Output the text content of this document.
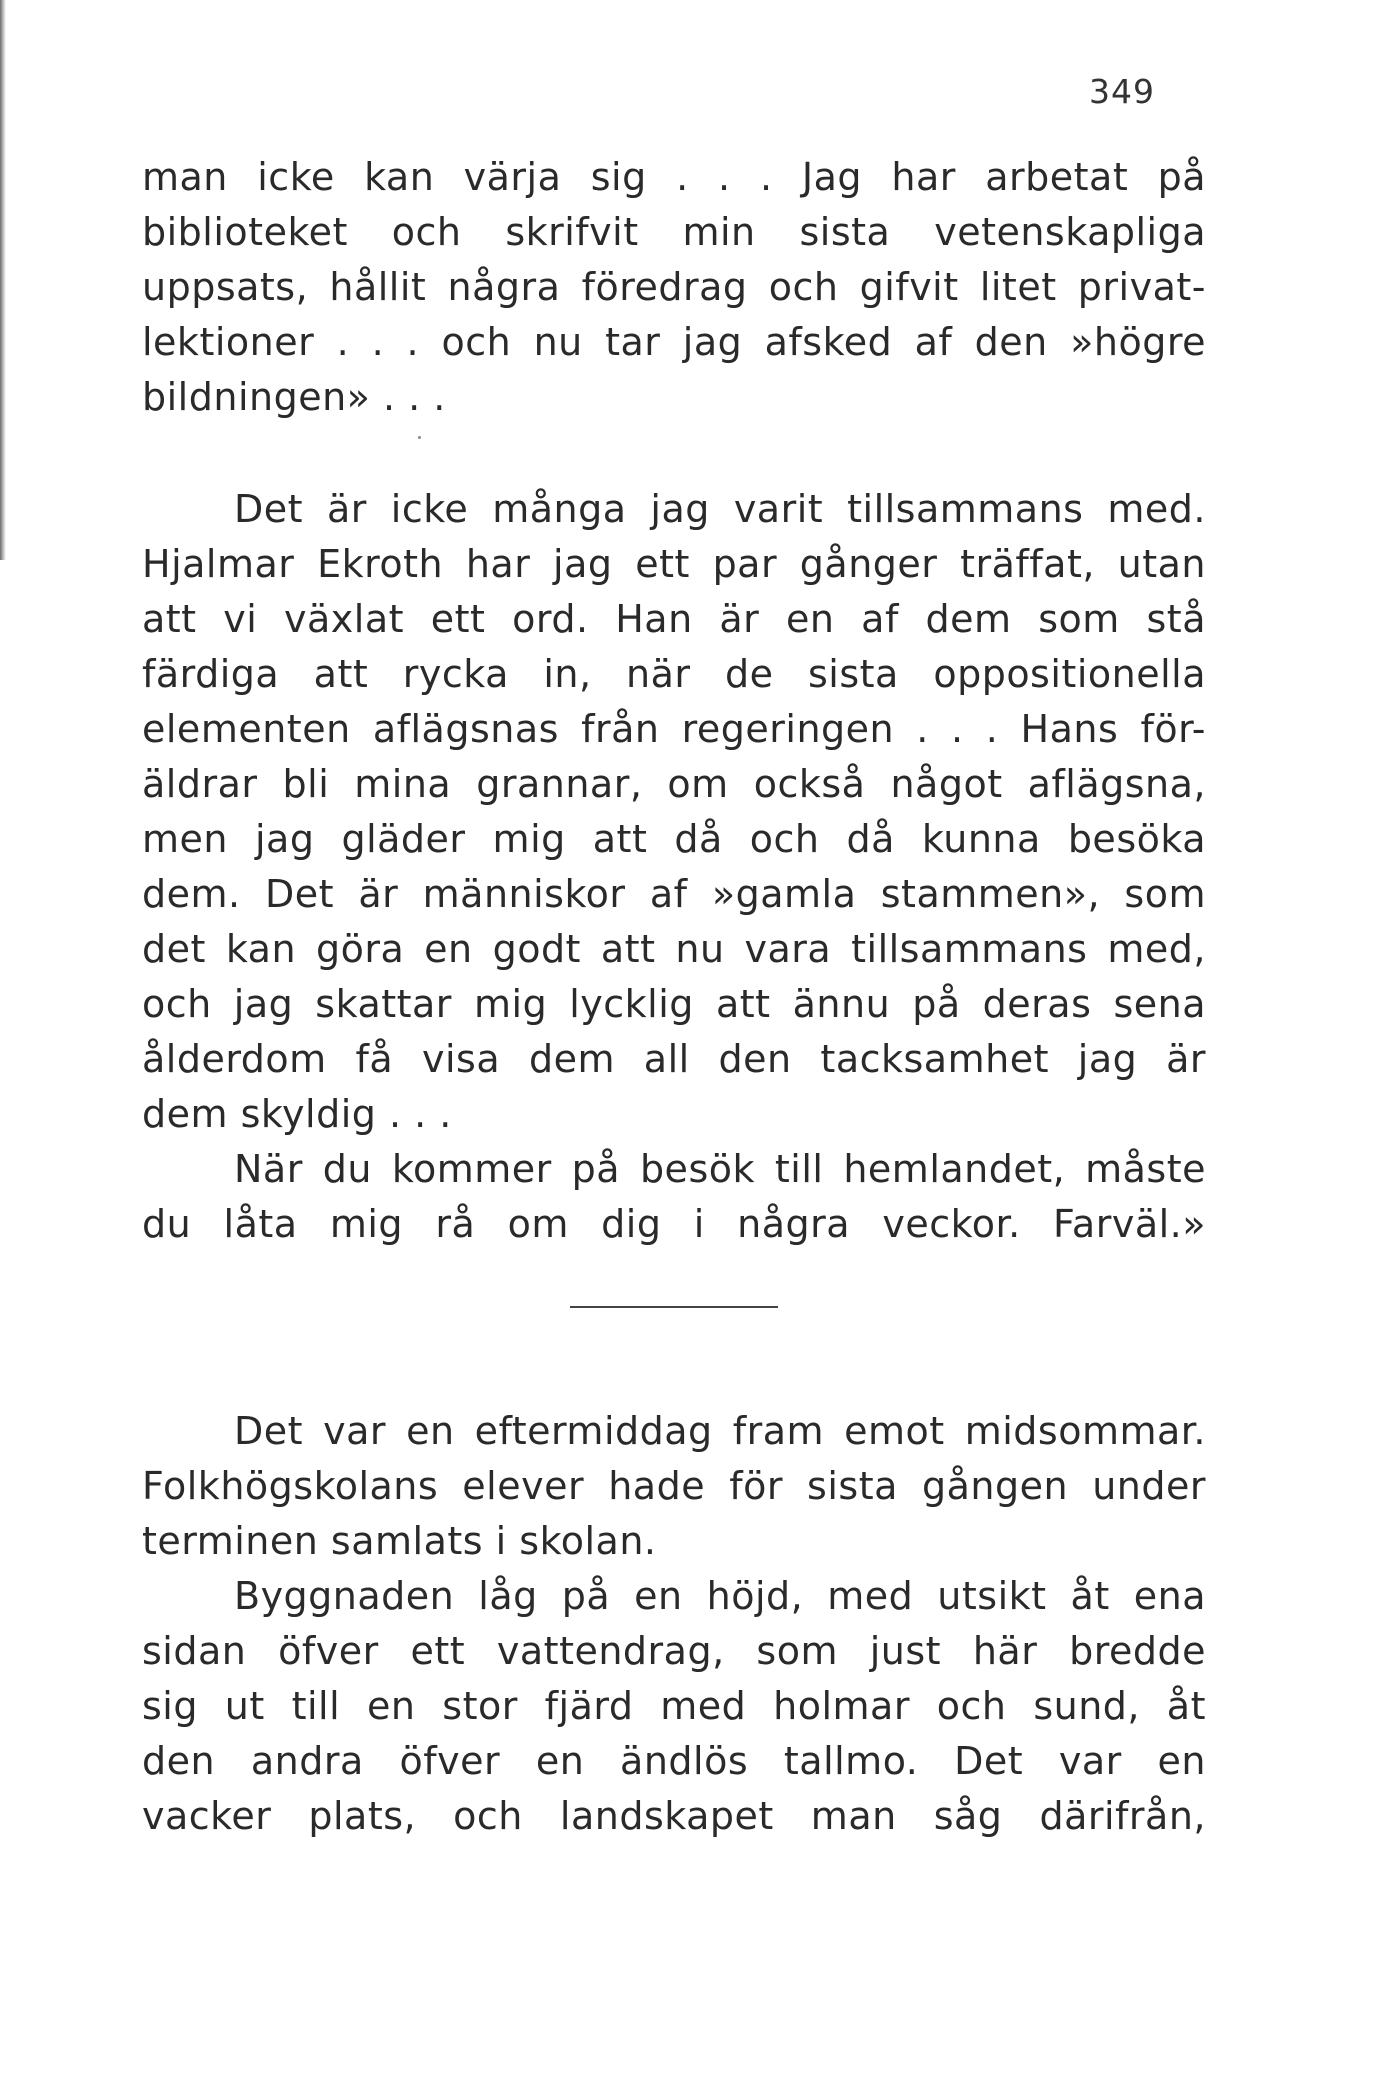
349
man icke kan värja sig . . . Jag har arbetat på
biblioteket och skrifvit min sista vetenskapliga
uppsats, hållit några föredrag och gifvit litet privat-
lektioner . . . och nu tar jag afsked af den »högre
bildningen» . . .
Det är icke många jag varit tillsammans med.
Hjalmar Ekroth har jag ett par gånger träffat, utan
att vi växlat ett ord. Han är en af dem som stå
färdiga att rycka in, när de sista oppositionella
elementen aflägsnas från regeringen . . . Hans för-
äldrar bli mina grannar, om också något aflägsna,
men jag gläder mig att då och då kunna besöka
dem. Det är människor af »gamla stammen», som
det kan göra en godt att nu vara tillsammans med,
och jag skattar mig lycklig att ännu på deras sena
ålderdom få visa dem all den tacksamhet jag är
dem skyldig . . .
När du kommer på besök till hemlandet, måste
du låta mig rå om dig i några veckor. Farväl.»
Det var en eftermiddag fram emot midsommar.
Folkhögskolans elever hade för sista gången under
terminen samlats i skolan.
Byggnaden låg på en höjd, med utsikt åt ena
sidan öfver ett vattendrag, som just här bredde
sig ut till en stor fjärd med holmar och sund, åt
den andra öfver en ändlös tallmo. Det var en
vacker plats, och landskapet man såg därifrån,
